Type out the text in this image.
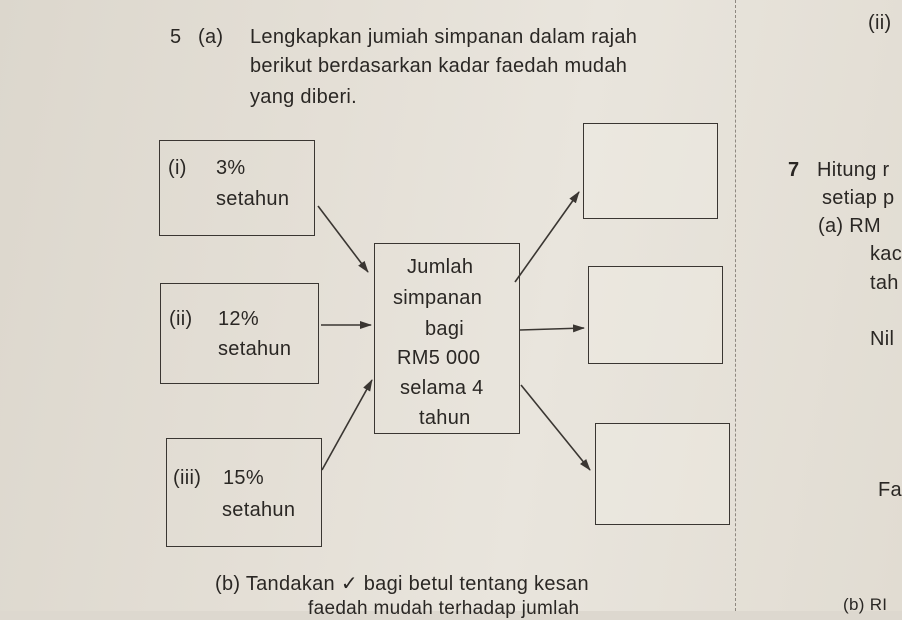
5 (a) Lengkapkan jumiah simpanan dalam rajah
berikut berdasarkan kadar faedah mudah
yang diberi.
(i) 3%
setahun
(ii) 12%
setahun
(iii) 15%
setahun
Jumlah
simpanan
bagi
RM5 000
selama 4
tahun
(b) Tandakan ✓ bagi betul tentang kesan
faedah mudah terhadap jumlah
(ii)
7 Hitung r
setiap p
(a) RM
kac
tah
Nil
Fa
(b) RI
